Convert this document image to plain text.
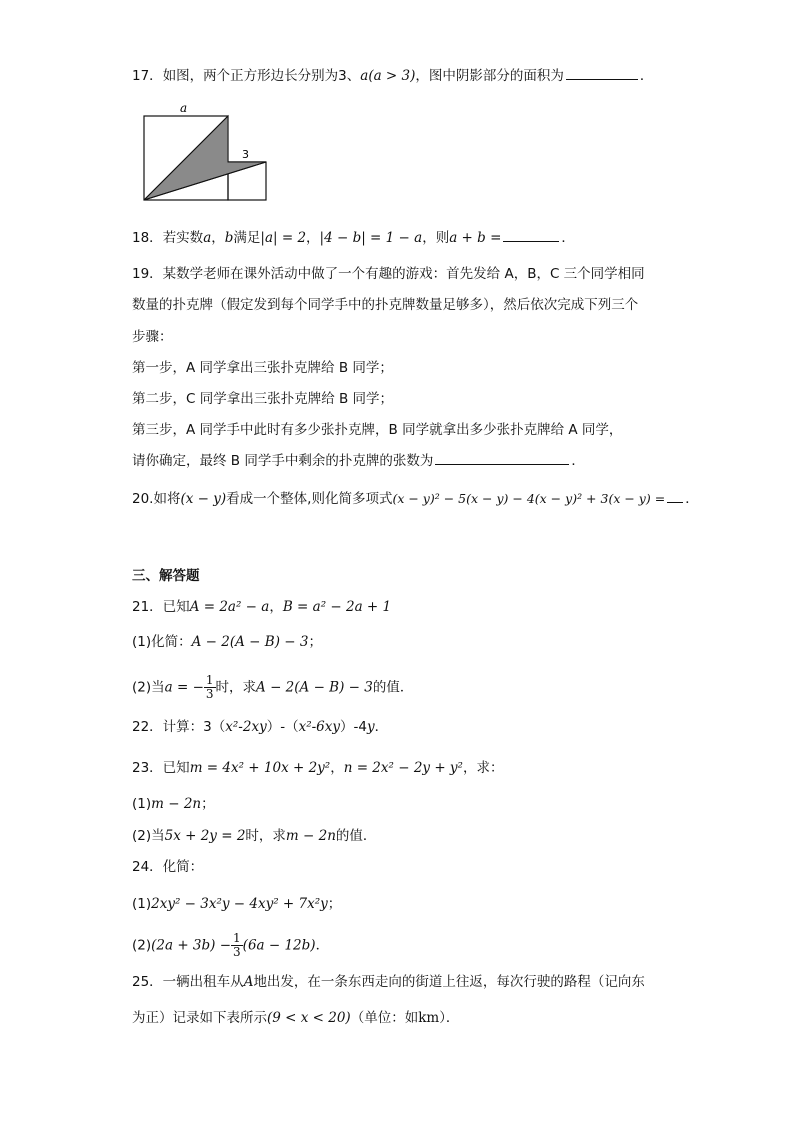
17．如图，两个正方形边长分别为3、a(a > 3)，图中阴影部分的面积为	．
a
3
18．若实数a，b满足|a| = 2，|4 − b| = 1 − a，则a + b =	．
19．某数学老师在课外活动中做了一个有趣的游戏：首先发给 A，B，C 三个同学相同
数量的扑克牌（假定发到每个同学手中的扑克牌数量足够多），然后依次完成下列三个
步骤：
第一步，A 同学拿出三张扑克牌给 B 同学；
第二步，C 同学拿出三张扑克牌给 B 同学；
第三步，A 同学手中此时有多少张扑克牌，B 同学就拿出多少张扑克牌给 A 同学，
请你确定，最终 B 同学手中剩余的扑克牌的张数为	．
20.如将(x − y)看成一个整体,则化简多项式(x − y)² − 5(x − y) − 4(x − y)² + 3(x − y) = ．
三、解答题
21．已知A = 2a² − a，B = a² − 2a + 1
(1)化简：A − 2(A − B) − 3；
(2)当a = − $\frac{1}{3}$ 时，求A − 2(A − B) − 3的值．
22．计算：3（x²-2xy）-（x²-6xy）-4y．
23．已知m = 4x² + 10x + 2y²，n = 2x² − 2y + y²，求：
(1)m − 2n；
(2)当5x + 2y = 2时，求m − 2n的值．
24．化简：
(1)2xy² − 3x²y − 4xy² + 7x²y；
$(2)(2a + 3b) - \frac{1}{3} (6a - 12b)$．
25．一辆出租车从A地出发，在一条东西走向的街道上往返，每次行驶的路程（记向东
为正）记录如下表所示(9 < x < 20)（单位：如km）．
